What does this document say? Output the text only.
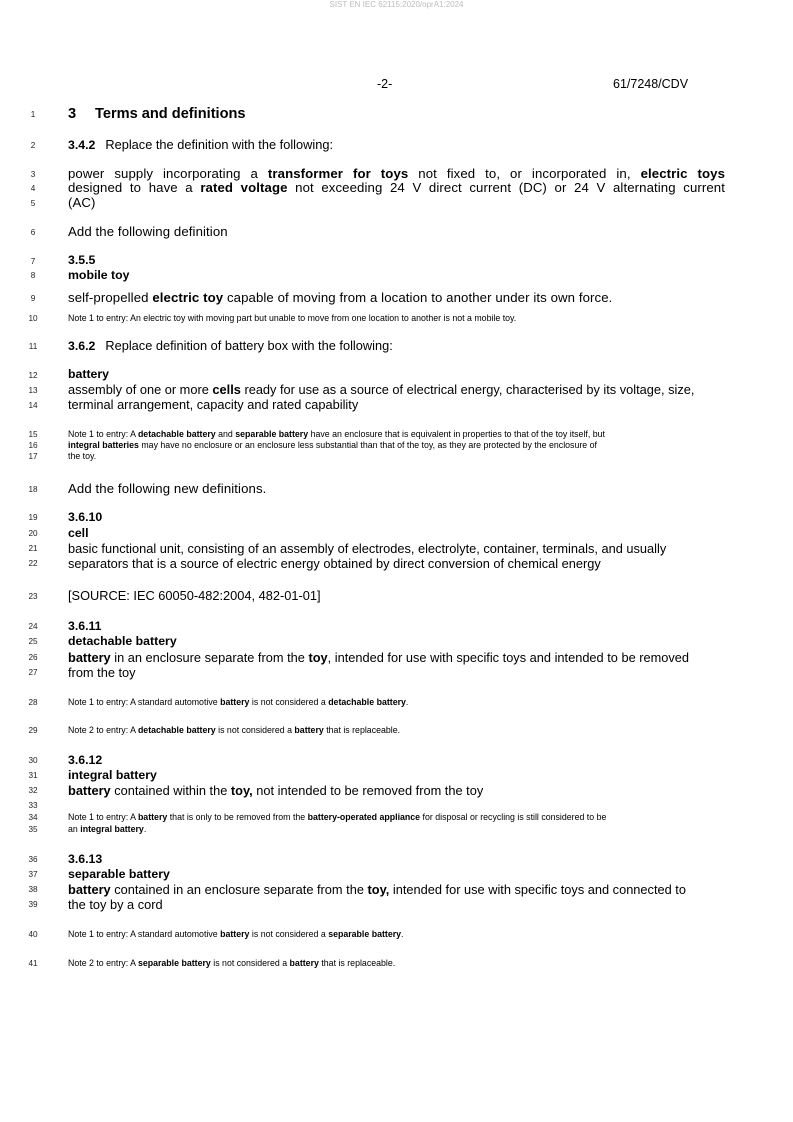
SIST EN IEC 62115:2020/oprA1:2024
-2-	61/7248/CDV
1
2
3
4
5
6
7
8
9
10
11
12
13
14
15
16
17
18
19
20
21
22
23
24
25
26
27
28
29
30
31
32
33
34
35
36
37
38
39
40
41
3 Terms and definitions
3.4.2 Replace the definition with the following:
power supply incorporating a transformer for toys not fixed to, or incorporated in, electric toys
designed to have a rated voltage not exceeding 24 V direct current (DC) or 24 V alternating current
(AC)
Add the following definition
3.5.5
mobile toy
self-propelled electric toy capable of moving from a location to another under its own force.
Note 1 to entry: An electric toy with moving part but unable to move from one location to another is not a mobile toy.
3.6.2 Replace definition of battery box with the following:
battery
assembly of one or more cells ready for use as a source of electrical energy, characterised by its voltage, size,
terminal arrangement, capacity and rated capability
Note 1 to entry: A detachable battery and separable battery have an enclosure that is equivalent in properties to that of the toy itself, but
integral batteries may have no enclosure or an enclosure less substantial than that of the toy, as they are protected by the enclosure of
the toy.
Add the following new definitions.
3.6.10
cell
basic functional unit, consisting of an assembly of electrodes, electrolyte, container, terminals, and usually
separators that is a source of electric energy obtained by direct conversion of chemical energy
[SOURCE: IEC 60050-482:2004, 482-01-01]
3.6.11
detachable battery
battery in an enclosure separate from the toy, intended for use with specific toys and intended to be removed
from the toy
Note 1 to entry: A standard automotive battery is not considered a detachable battery.
Note 2 to entry: A detachable battery is not considered a battery that is replaceable.
3.6.12
integral battery
battery contained within the toy, not intended to be removed from the toy
Note 1 to entry: A battery that is only to be removed from the battery-operated appliance for disposal or recycling is still considered to be
an integral battery.
3.6.13
separable battery
battery contained in an enclosure separate from the toy, intended for use with specific toys and connected to
the toy by a cord
Note 1 to entry: A standard automotive battery is not considered a separable battery.
Note 2 to entry: A separable battery is not considered a battery that is replaceable.
